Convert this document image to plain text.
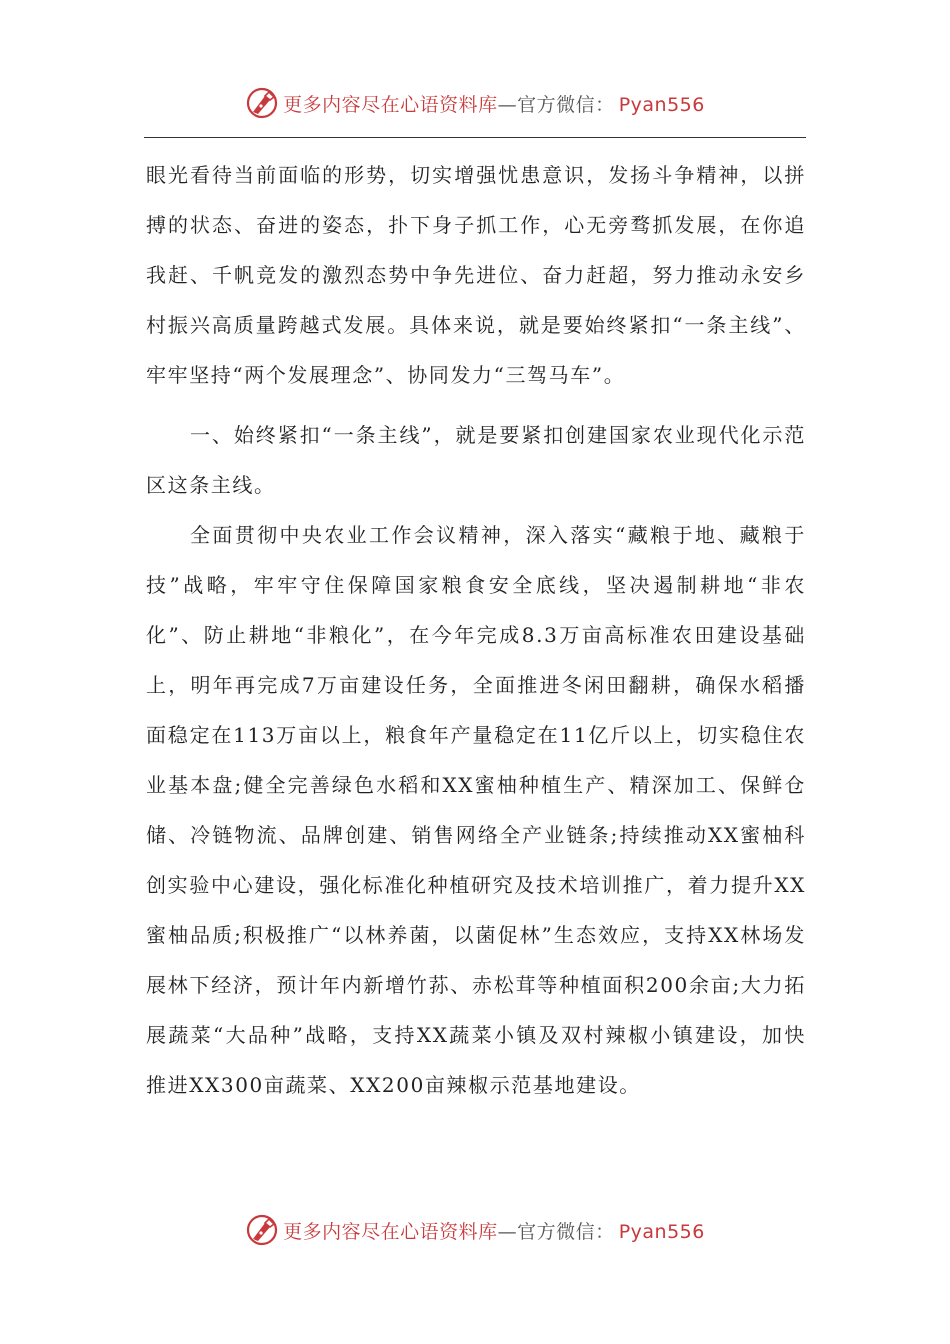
更多内容尽在心语资料库—官方微信： Pyan556

眼光看待当前面临的形势，切实增强忧患意识，发扬斗争精神，以拼搏的状态、奋进的姿态，扑下身子抓工作，心无旁骛抓发展，在你追我赶、千帆竞发的激烈态势中争先进位、奋力赶超，努力推动永安乡村振兴高质量跨越式发展。具体来说，就是要始终紧扣“一条主线”、牢牢坚持“两个发展理念”、协同发力“三驾马车”。

一、始终紧扣“一条主线”，就是要紧扣创建国家农业现代化示范区这条主线。

全面贯彻中央农业工作会议精神，深入落实“藏粮于地、藏粮于技”战略，牢牢守住保障国家粮食安全底线，坚决遏制耕地“非农化”、防止耕地“非粮化”，在今年完成8.3万亩高标准农田建设基础上，明年再完成7万亩建设任务，全面推进冬闲田翻耕，确保水稻播面稳定在113万亩以上，粮食年产量稳定在11亿斤以上，切实稳住农业基本盘;健全完善绿色水稻和XX蜜柚种植生产、精深加工、保鲜仓储、冷链物流、品牌创建、销售网络全产业链条;持续推动XX蜜柚科创实验中心建设，强化标准化种植研究及技术培训推广，着力提升XX蜜柚品质;积极推广“以林养菌，以菌促林”生态效应，支持XX林场发展林下经济，预计年内新增竹荪、赤松茸等种植面积200余亩;大力拓展蔬菜“大品种”战略，支持XX蔬菜小镇及双村辣椒小镇建设，加快推进XX300亩蔬菜、XX200亩辣椒示范基地建设。

更多内容尽在心语资料库—官方微信： Pyan556
